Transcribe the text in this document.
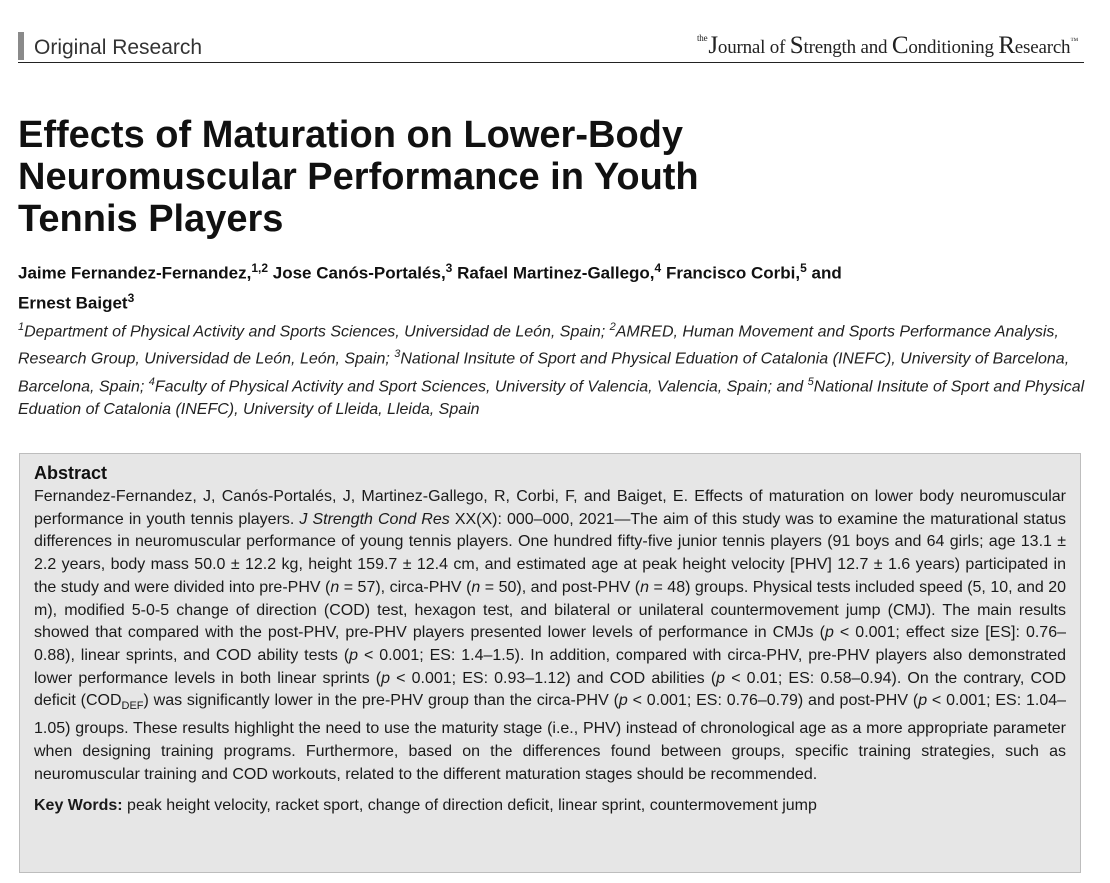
Original Research	$^{the}$Journal of Strength and Conditioning Research™
Effects of Maturation on Lower-Body
Neuromuscular Performance in Youth
Tennis Players
Jaime Fernandez-Fernandez,$^{1,2}$ Jose Canós-Portalés,$^3$ Rafael Martinez-Gallego,$^4$ Francisco Corbi,$^5$ and
Ernest Baiget$^3$
$^1$Department of Physical Activity and Sports Sciences, Universidad de León, Spain; $^2$AMRED, Human Movement and Sports Performance Analysis, Research Group, Universidad de León, León, Spain; $^3$National Insitute of Sport and Physical Eduation of Catalonia (INEFC), University of Barcelona, Barcelona, Spain; $^4$Faculty of Physical Activity and Sport Sciences, University of Valencia, Valencia, Spain; and $^5$National Insitute of Sport and Physical Eduation of Catalonia (INEFC), University of Lleida, Lleida, Spain
Abstract

Fernandez-Fernandez, J, Canós-Portalés, J, Martinez-Gallego, R, Corbi, F, and Baiget, E. Effects of maturation on lower body neuromuscular performance in youth tennis players. J Strength Cond Res XX(X): 000–000, 2021—The aim of this study was to examine the maturational status differences in neuromuscular performance of young tennis players. One hundred fifty-five junior tennis players (91 boys and 64 girls; age 13.1 ± 2.2 years, body mass 50.0 ± 12.2 kg, height 159.7 ± 12.4 cm, and estimated age at peak height velocity [PHV] 12.7 ± 1.6 years) participated in the study and were divided into pre-PHV (n = 57), circa-PHV (n = 50), and post-PHV (n = 48) groups. Physical tests included speed (5, 10, and 20 m), modified 5-0-5 change of direction (COD) test, hexagon test, and bilateral or unilateral countermovement jump (CMJ). The main results showed that compared with the post-PHV, pre-PHV players presented lower levels of performance in CMJs (p < 0.001; effect size [ES]: 0.76–0.88), linear sprints, and COD ability tests (p < 0.001; ES: 1.4–1.5). In addition, compared with circa-PHV, pre-PHV players also demonstrated lower performance levels in both linear sprints (p < 0.001; ES: 0.93–1.12) and COD abilities (p < 0.01; ES: 0.58–0.94). On the contrary, COD deficit $(COD_{DEF})$ was significantly lower in the pre-PHV group than the circa-PHV (p < 0.001; ES: 0.76–0.79) and post-PHV (p < 0.001; ES: 1.04–1.05) groups. These results highlight the need to use the maturity stage (i.e., PHV) instead of chronological age as a more appropriate parameter when designing training programs. Furthermore, based on the differences found between groups, specific training strategies, such as neuromuscular training and COD workouts, related to the different maturation stages should be recommended.

Key Words: peak height velocity, racket sport, change of direction deficit, linear sprint, countermovement jump
